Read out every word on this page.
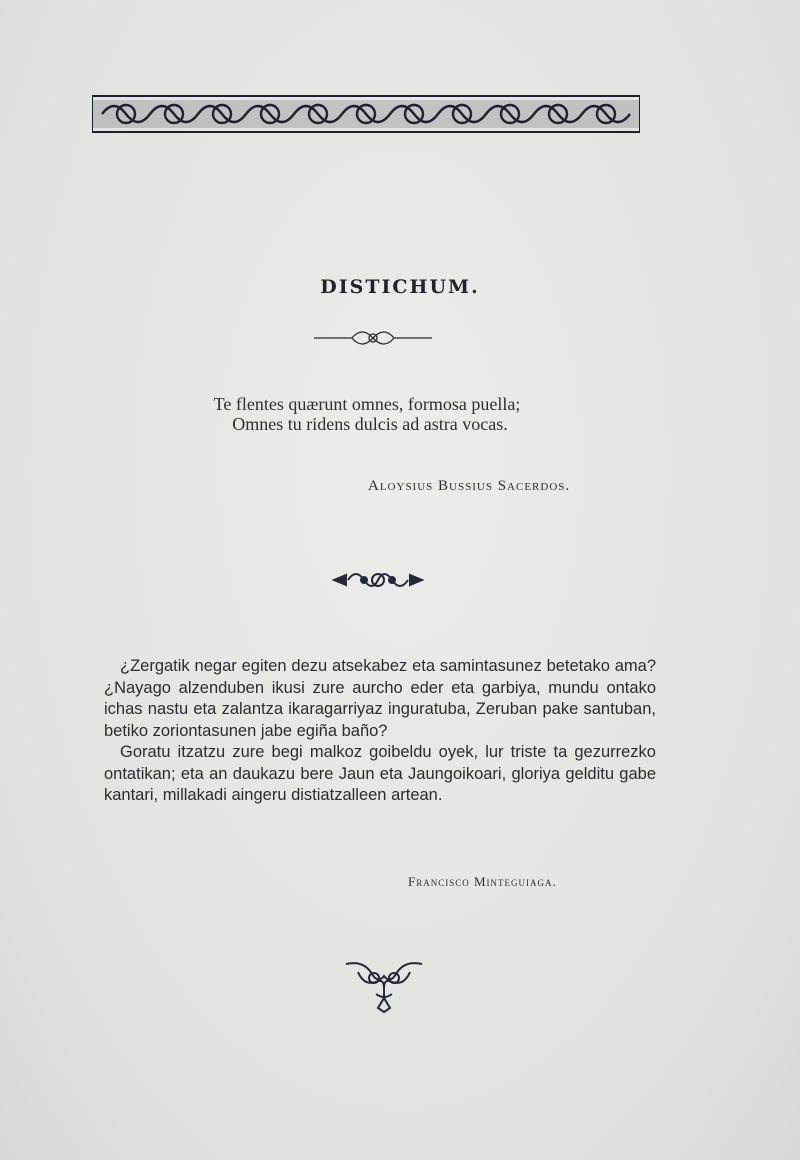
DISTICHUM.
Te flentes quærunt omnes, formosa puella;
Omnes tu ridens dulcis ad astra vocas.
Aloysius Bussius Sacerdos.

¿Zergatik negar egiten dezu atsekabez eta samintasunez betetako ama? ¿Nayago alzenduben ikusi zure aurcho eder eta garbiya, mundu ontako ichas nastu eta zalantza ikaragarriyaz inguratuba, Zeruban pake santuban, betiko zoriontasunen jabe egiña baño?

Goratu itzatzu zure begi malkoz goibeldu oyek, lur triste ta gezurrezko ontatikan; eta an daukazu bere Jaun eta Jaungoikoari, gloriya gelditu gabe kantari, millakadi aingeru distiatzalleen artean.

Francisco Minteguiaga.
